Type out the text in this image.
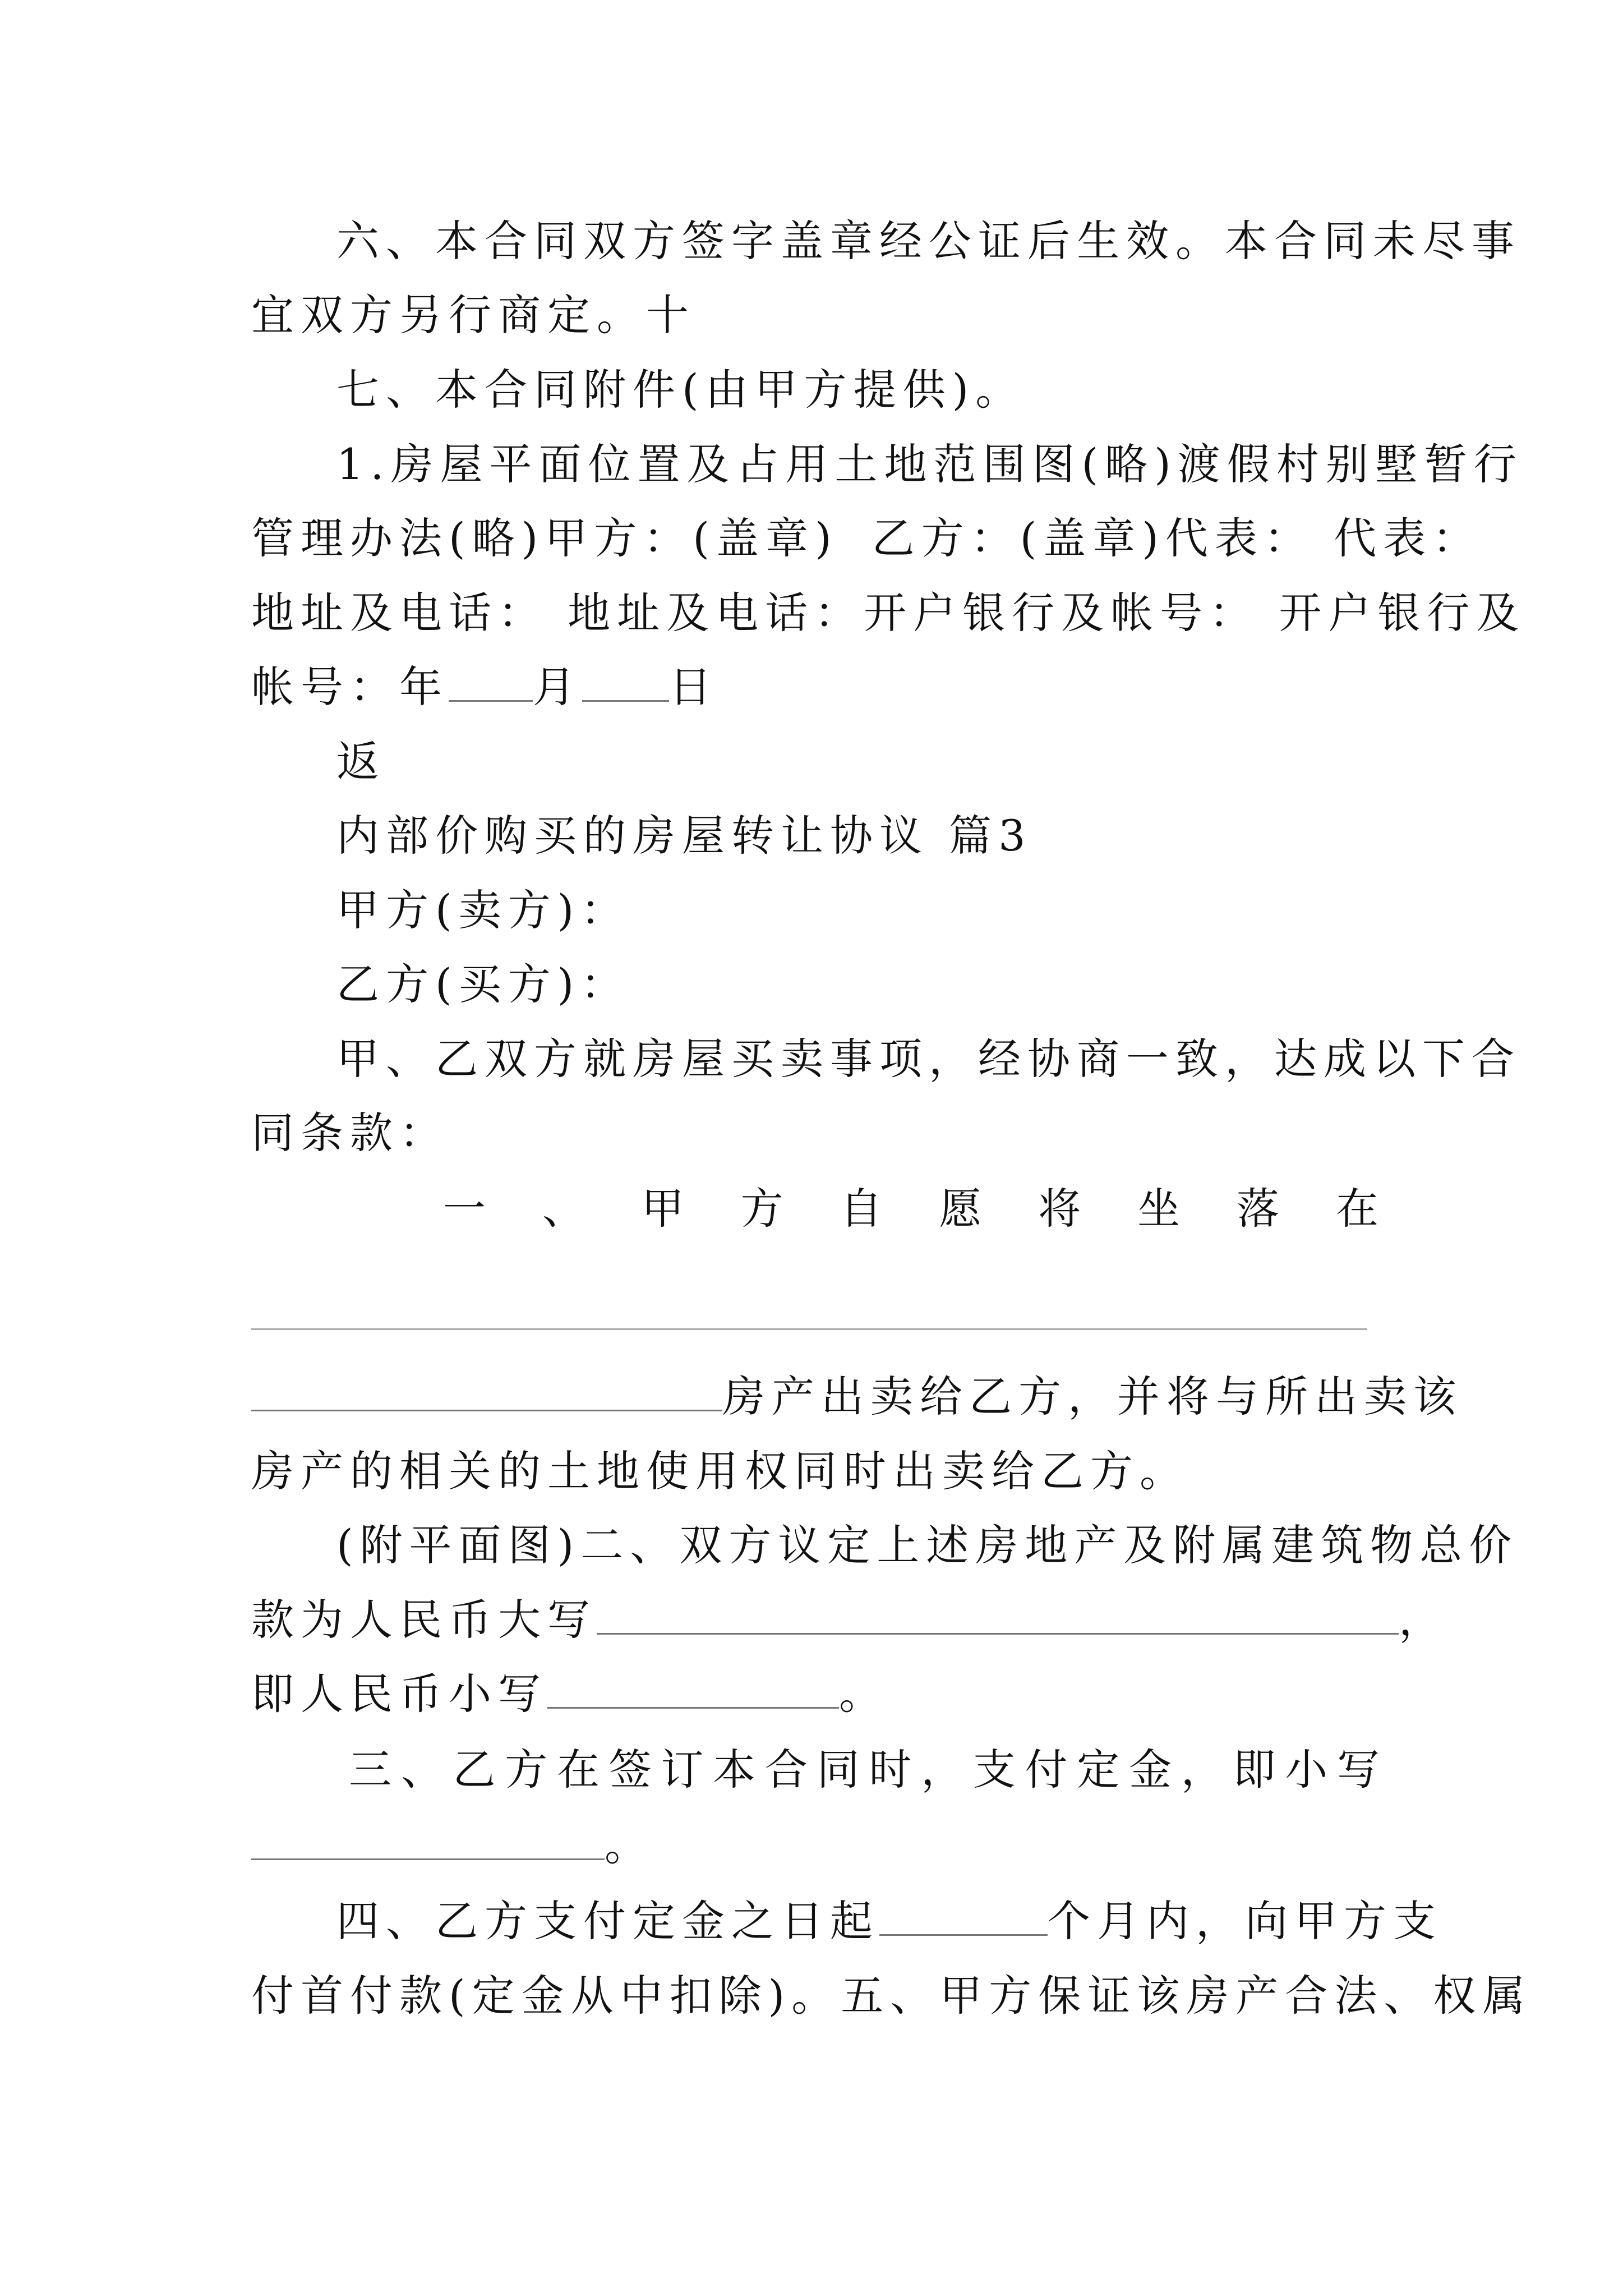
六、本合同双方签字盖章经公证后生效。本合同未尽事
宜双方另行商定。十
七、本合同附件(由甲方提供)。
1.房屋平面位置及占用土地范围图(略)渡假村别墅暂行
管理办法(略)甲方：(盖章) 乙方：(盖章)代表： 代表：
地址及电话： 地址及电话：开户银行及帐号： 开户银行及
帐号：年 月 日
返
内部价购买的房屋转让协议 篇3
甲方(卖方)：
乙方(买方)：
甲、乙双方就房屋买卖事项，经协商一致，达成以下合
同条款：
一 、 甲 方 自 愿 将 坐 落 在
房产出卖给乙方，并将与所出卖该
房产的相关的土地使用权同时出卖给乙方。
(附平面图)二、双方议定上述房地产及附属建筑物总价
款为人民币大写	，
即人民币小写	。
三 、 乙 方 在 签 订 本 合 同 时 ， 支 付 定 金 ， 即 小 写
。
四、乙方支付定金之日起	个月内，向甲方支
付首付款(定金从中扣除)。五、甲方保证该房产合法、权属
